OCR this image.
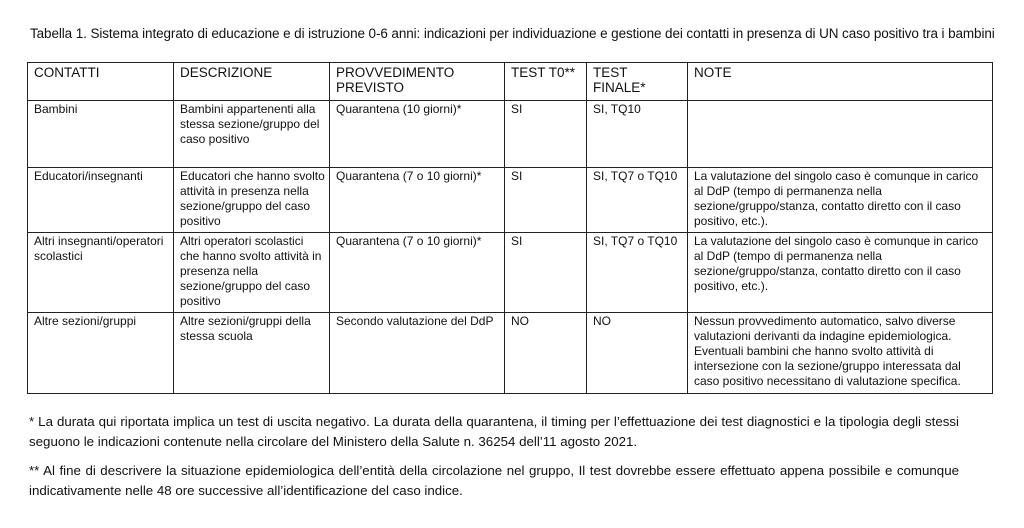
Tabella 1. Sistema integrato di educazione e di istruzione 0-6 anni: indicazioni per individuazione e gestione dei contatti in presenza di UN caso positivo tra i bambini
CONTATTI	DESCRIZIONE	PROVVEDIMENTO PREVISTO	TEST T0**	TEST FINALE*	NOTE
Bambini	Bambini appartenenti alla stessa sezione/gruppo del caso positivo	Quarantena (10 giorni)*	SI	SI, TQ10	
Educatori/insegnanti	Educatori che hanno svolto attività in presenza nella sezione/gruppo del caso positivo	Quarantena (7 o 10 giorni)*	SI	SI, TQ7 o TQ10	La valutazione del singolo caso è comunque in carico al DdP (tempo di permanenza nella sezione/gruppo/stanza, contatto diretto con il caso positivo, etc.).
Altri insegnanti/operatori scolastici	Altri operatori scolastici che hanno svolto attività in presenza nella sezione/gruppo del caso positivo	Quarantena (7 o 10 giorni)*	SI	SI, TQ7 o TQ10	La valutazione del singolo caso è comunque in carico al DdP (tempo di permanenza nella sezione/gruppo/stanza, contatto diretto con il caso positivo, etc.).
Altre sezioni/gruppi	Altre sezioni/gruppi della stessa scuola	Secondo valutazione del DdP	NO	NO	Nessun provvedimento automatico, salvo diverse valutazioni derivanti da indagine epidemiologica. Eventuali bambini che hanno svolto attività di intersezione con la sezione/gruppo interessata dal caso positivo necessitano di valutazione specifica.
* La durata qui riportata implica un test di uscita negativo. La durata della quarantena, il timing per l’effettuazione dei test diagnostici e la tipologia degli stessi seguono le indicazioni contenute nella circolare del Ministero della Salute n. 36254 dell’11 agosto 2021.
** Al fine di descrivere la situazione epidemiologica dell’entità della circolazione nel gruppo, Il test dovrebbe essere effettuato appena possibile e comunque indicativamente nelle 48 ore successive all’identificazione del caso indice.
